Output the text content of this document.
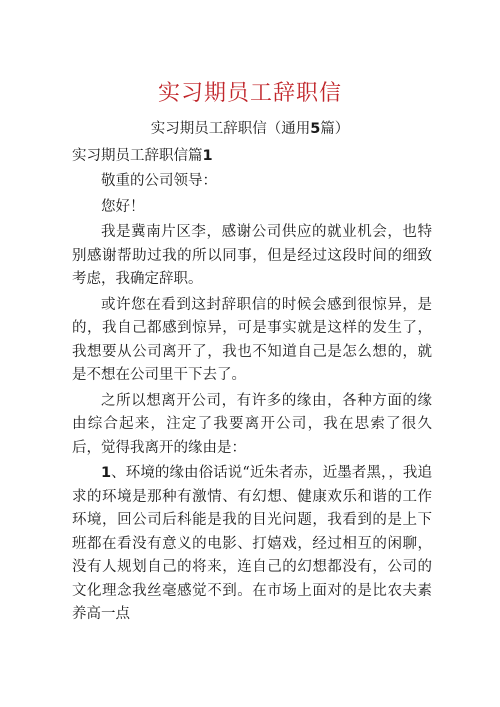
实习期员工辞职信
实习期员工辞职信（通用5篇）
实习期员工辞职信篇1

敬重的公司领导：

您好！

我是冀南片区李，感谢公司供应的就业机会，也特别感谢帮助过我的所以同事，但是经过这段时间的细致考虑，我确定辞职。

或许您在看到这封辞职信的时候会感到很惊异，是的，我自己都感到惊异，可是事实就是这样的发生了，我想要从公司离开了，我也不知道自己是怎么想的，就是不想在公司里干下去了。

之所以想离开公司，有许多的缘由，各种方面的缘由综合起来，注定了我要离开公司，我在思索了很久后，觉得我离开的缘由是：

1、环境的缘由俗话说“近朱者赤，近墨者黑，，我追求的环境是那种有激情、有幻想、健康欢乐和谐的工作环境，回公司后科能是我的目光问题，我看到的是上下班都在看没有意义的电影、打嬉戏，经过相互的闲聊，没有人规划自己的将来，连自己的幻想都没有，公司的文化理念我丝毫感觉不到。在市场上面对的是比农夫素养高一点
